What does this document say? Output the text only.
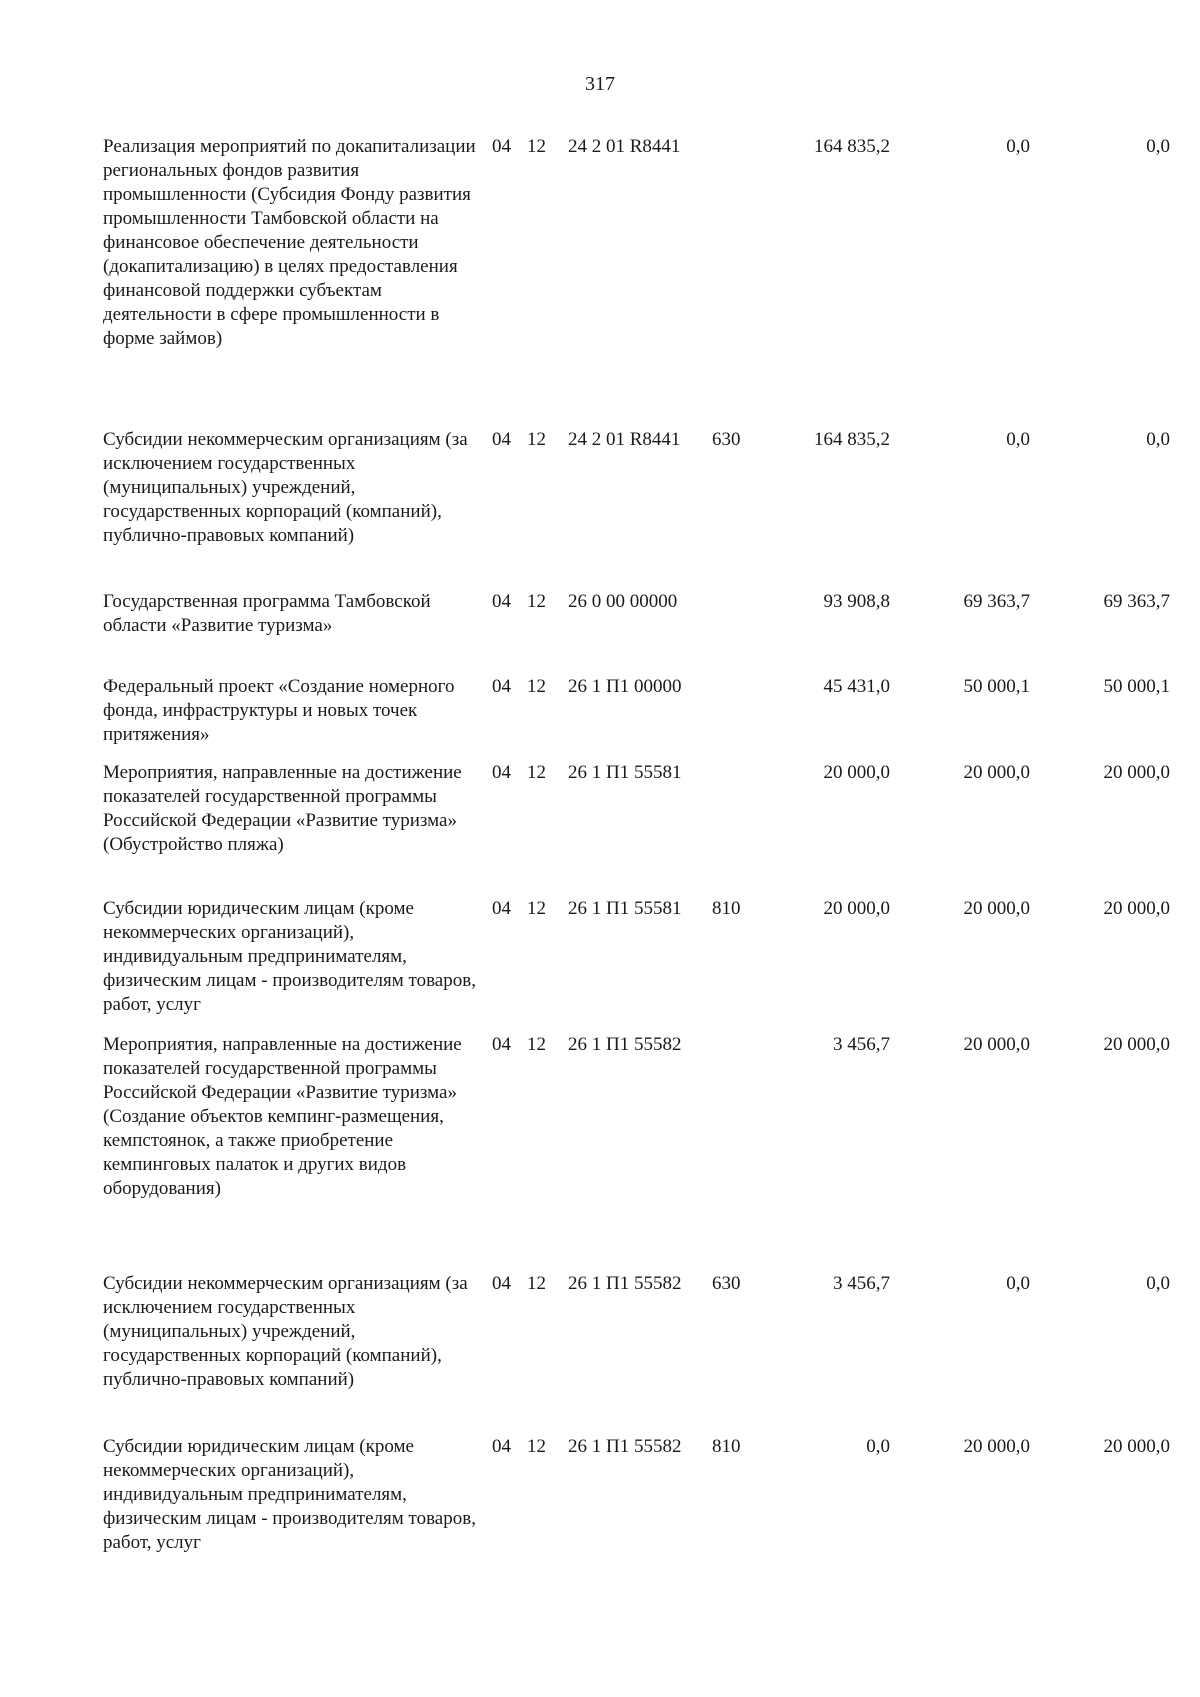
317
Реализация мероприятий по докапитализации региональных фондов развития промышленности (Субсидия Фонду развития промышленности Тамбовской области на финансовое обеспечение деятельности (докапитализацию) в целях предоставления финансовой поддержки субъектам деятельности в сфере промышленности в форме займов)
04 12	24 2 01 R8441	164 835,2	0,0	0,0
Субсидии некоммерческим организациям (за исключением государственных (муниципальных) учреждений, государственных корпораций (компаний), публично-правовых компаний)
04 12	24 2 01 R8441	630	164 835,2	0,0	0,0
Государственная программа Тамбовской области «Развитие туризма»
04 12	26 0 00 00000	93 908,8	69 363,7	69 363,7
Федеральный проект «Создание номерного фонда, инфраструктуры и новых точек притяжения»
04 12	26 1 П1 00000	45 431,0	50 000,1	50 000,1
Мероприятия, направленные на достижение показателей государственной программы Российской Федерации «Развитие туризма» (Обустройство пляжа)
04 12	26 1 П1 55581	20 000,0	20 000,0	20 000,0
Субсидии юридическим лицам (кроме некоммерческих организаций), индивидуальным предпринимателям, физическим лицам - производителям товаров, работ, услуг
04 12	26 1 П1 55581	810	20 000,0	20 000,0	20 000,0
Мероприятия, направленные на достижение показателей государственной программы Российской Федерации «Развитие туризма» (Создание объектов кемпинг-размещения, кемпстоянок, а также приобретение кемпинговых палаток и других видов оборудования)
04 12	26 1 П1 55582	3 456,7	20 000,0	20 000,0
Субсидии некоммерческим организациям (за исключением государственных (муниципальных) учреждений, государственных корпораций (компаний), публично-правовых компаний)
04 12	26 1 П1 55582	630	3 456,7	0,0	0,0
Субсидии юридическим лицам (кроме некоммерческих организаций), индивидуальным предпринимателям, физическим лицам - производителям товаров, работ, услуг
04 12	26 1 П1 55582	810	0,0	20 000,0	20 000,0
